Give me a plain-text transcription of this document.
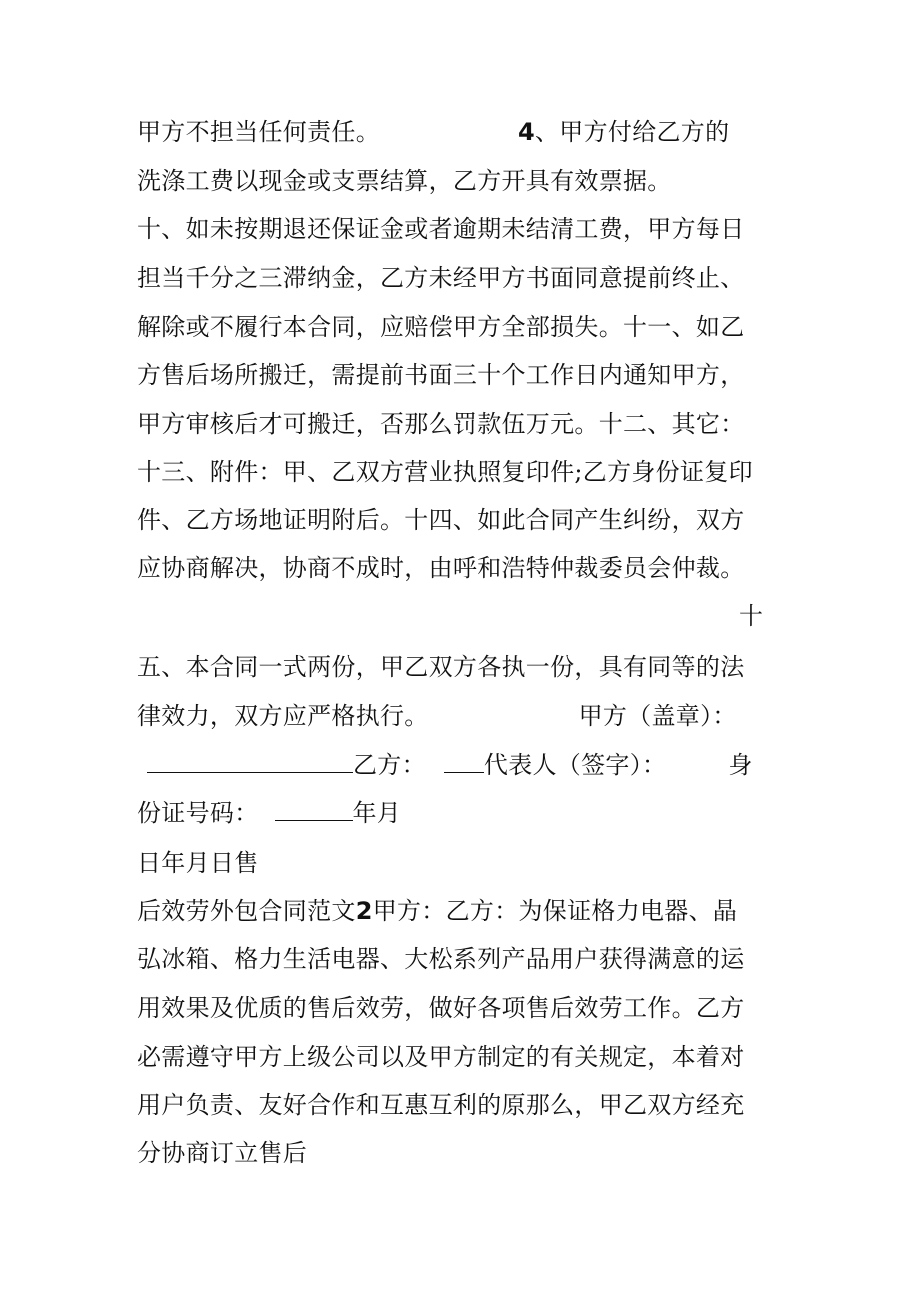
甲方不担当任何责任。	4、甲方付给乙方的
洗涤工费以现金或支票结算，乙方开具有效票据。
十、如未按期退还保证金或者逾期未结清工费，甲方每日
担当千分之三滞纳金，乙方未经甲方书面同意提前终止、
解除或不履行本合同，应赔偿甲方全部损失。十一、如乙
方售后场所搬迁，需提前书面三十个工作日内通知甲方，
甲方审核后才可搬迁，否那么罚款伍万元。十二、其它：
十三、附件：甲、乙双方营业执照复印件;乙方身份证复印
件、乙方场地证明附后。十四、如此合同产生纠纷，双方
应协商解决，协商不成时，由呼和浩特仲裁委员会仲裁。
十
五、本合同一式两份，甲乙双方各执一份，具有同等的法
律效力，双方应严格执行。	甲方（盖章）：
乙方： 代表人（签字）：	身
份证号码：	年月
日年月日售
后效劳外包合同范文2甲方：乙方：为保证格力电器、晶
弘冰箱、格力生活电器、大松系列产品用户获得满意的运
用效果及优质的售后效劳，做好各项售后效劳工作。乙方
必需遵守甲方上级公司以及甲方制定的有关规定，本着对
用户负责、友好合作和互惠互利的原那么，甲乙双方经充
分协商订立售后
